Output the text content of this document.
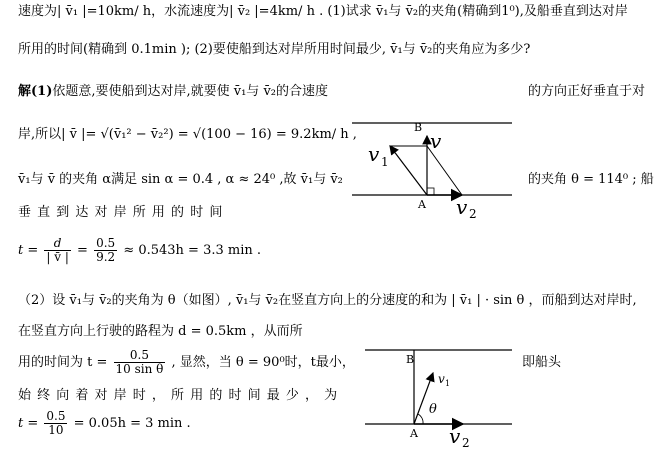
速度为| v̄₁ |=10km/ h，水流速度为| v̄₂ |=4km/ h . (1)试求 v̄₁与 v̄₂的夹角(精确到1⁰),及船垂直到达对岸
所用的时间(精确到 0.1min ); (2)要使船到达对岸所用时间最少, v̄₁与 v̄₂的夹角应为多少?
解(1)依题意,要使船到达对岸,就要使 v̄₁与 v̄₂的合速度	的方向正好垂直于对
岸,所以| v̄ |= √(v̄₁² − v̄₂²) = √(100 − 16) = 9.2km/ h ,
v̄₁与 v̄ 的夹角 α满足 sin α = 0.4 , α ≈ 24⁰ ,故 v̄₁与 v̄₂	的夹角 θ = 114⁰ ; 船
垂 直 到 达 对 岸 所 用 的 时 间
$t = \frac{d}{| v̄ |} = \frac{0.5}{9.2} \approx 0.543h = 3.3$ min .
B
v
v 1
A v 2
（2）设 v̄₁与 v̄₂的夹角为 θ（如图）, v̄₁与 v̄₂在竖直方向上的分速度的和为 | v̄₁ | · sin θ ，而船到达对岸时,
在竖直方向上行驶的路程为 d = 0.5km ，从而所
用的时间为 $t = \frac{0.5}{\text{10 sin θ}}$ , 显然，当 θ = 90⁰时，t最小，	即船头
始 终 向 着 对 岸 时 ， 所 用 的 时 间 最 少 ， 为
$t = \frac{0.5}{10} = 0.05h = 3$ min .
B
v 1
θ
A v 2
